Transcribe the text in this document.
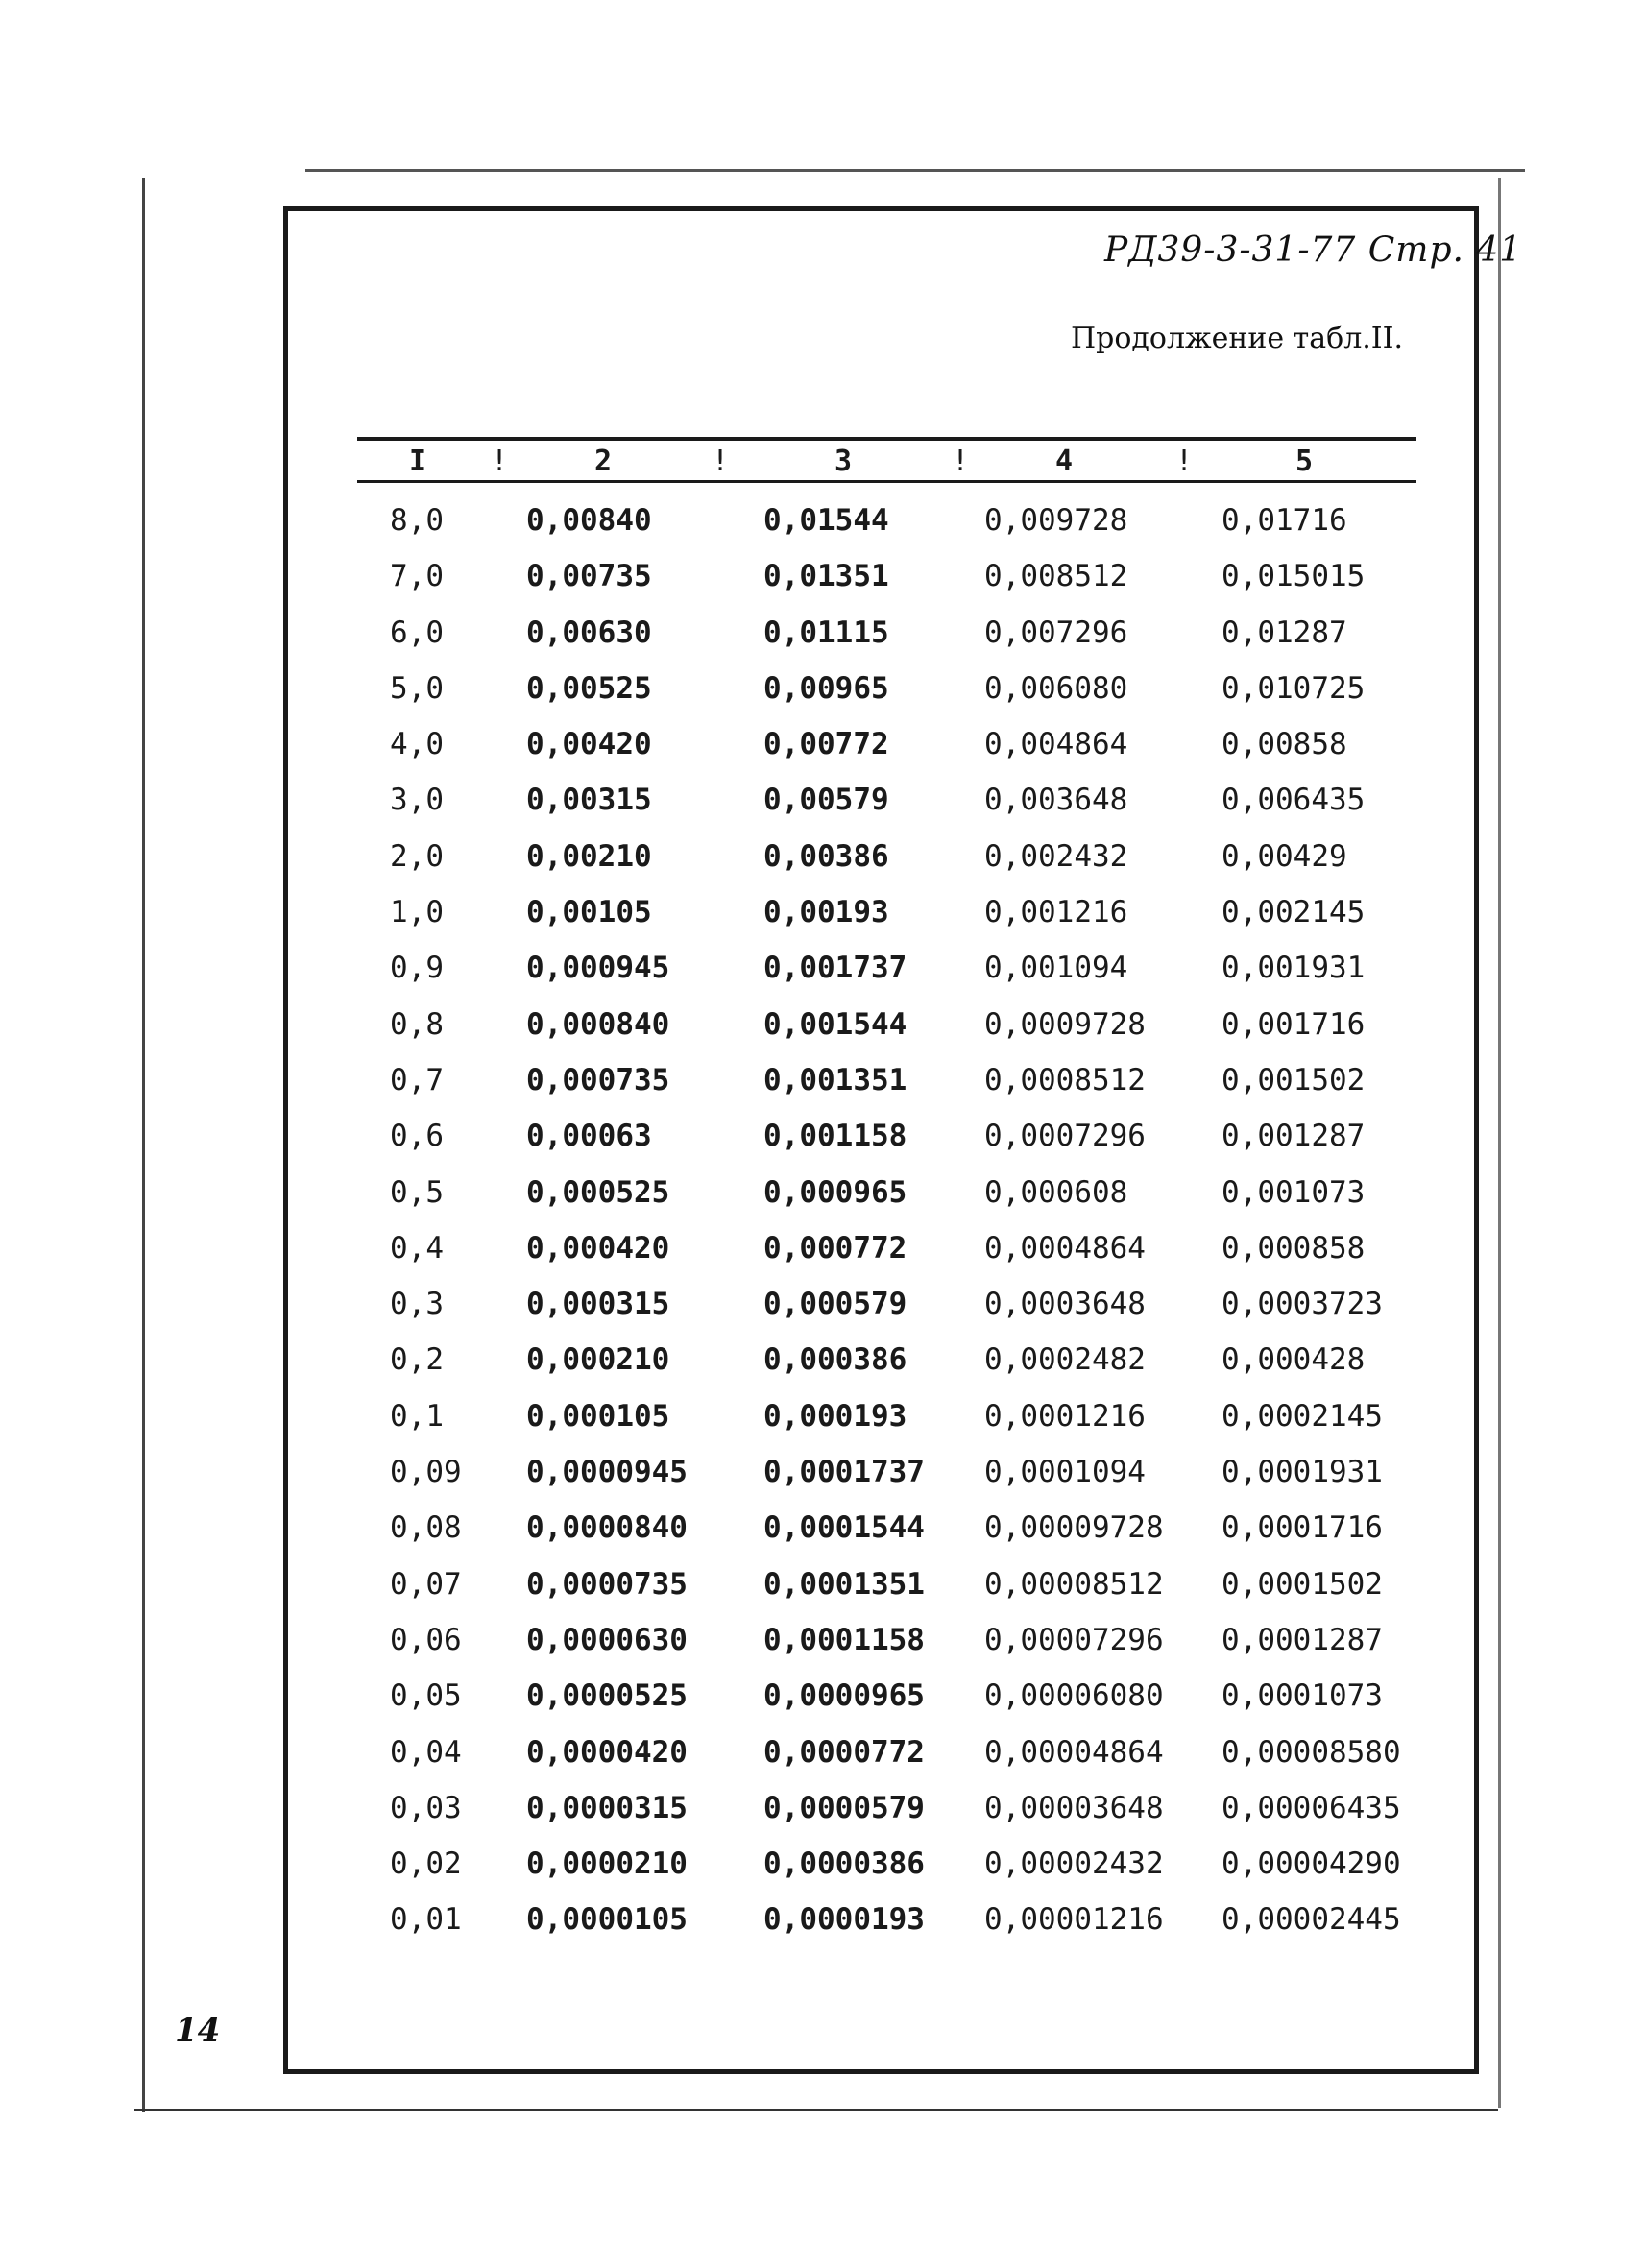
РД39-3-31-77 Стр. 41
Продолжение табл.II.
I	!	2	!	3	!	4	!	5
8,0	0,00840	0,01544	0,009728	0,01716
7,0	0,00735	0,01351	0,008512	0,015015
6,0	0,00630	0,01115	0,007296	0,01287
5,0	0,00525	0,00965	0,006080	0,010725
4,0	0,00420	0,00772	0,004864	0,00858
3,0	0,00315	0,00579	0,003648	0,006435
2,0	0,00210	0,00386	0,002432	0,00429
1,0	0,00105	0,00193	0,001216	0,002145
0,9	0,000945	0,001737	0,001094	0,001931
0,8	0,000840	0,001544	0,0009728	0,001716
0,7	0,000735	0,001351	0,0008512	0,001502
0,6	0,00063	0,001158	0,0007296	0,001287
0,5	0,000525	0,000965	0,000608	0,001073
0,4	0,000420	0,000772	0,0004864	0,000858
0,3	0,000315	0,000579	0,0003648	0,0003723
0,2	0,000210	0,000386	0,0002482	0,000428
0,1	0,000105	0,000193	0,0001216	0,0002145
0,09 0,0000945	0,0001737 0,0001094	0,0001931
0,08 0,0000840	0,0001544 0,00009728 0,0001716
0,07 0,0000735	0,0001351 0,00008512 0,0001502
0,06 0,0000630	0,0001158 0,00007296 0,0001287
0,05 0,0000525	0,0000965 0,00006080 0,0001073
0,04 0,0000420	0,0000772 0,00004864 0,00008580
0,03 0,0000315	0,0000579 0,00003648 0,00006435
0,02 0,0000210	0,0000386 0,00002432 0,00004290
0,01 0,0000105	0,0000193 0,00001216 0,00002445
14
